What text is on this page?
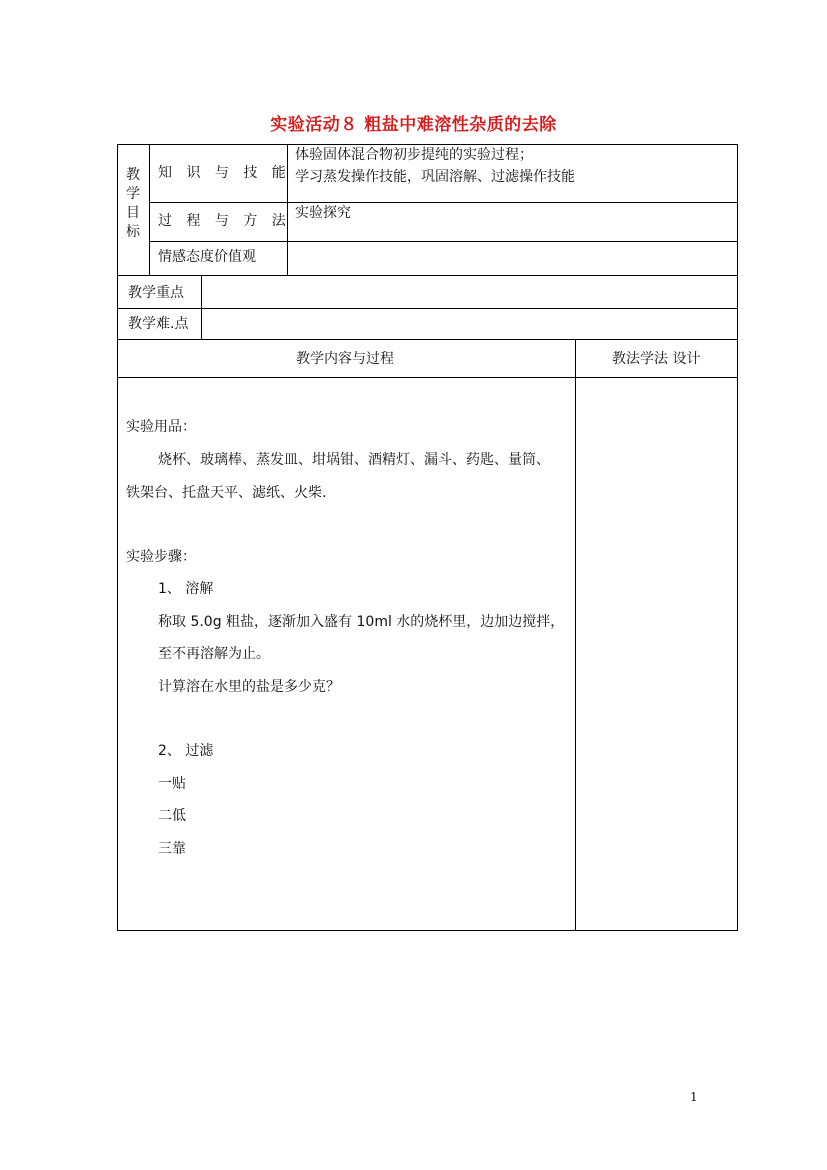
实验活动８ 粗盐中难溶性杂质的去除
教
学
目
标
知 识 与 技 能
体验固体混合物初步提纯的实验过程；
学习蒸发操作技能，巩固溶解、过滤操作技能
过 程 与 方 法 实验探究
情感态度价值观
教学重点
教学难.点
教学内容与过程	教法学法 设计
实验用品：
烧杯、玻璃棒、蒸发皿、坩埚钳、酒精灯、漏斗、药匙、量筒、
铁架台、托盘天平、滤纸、火柴.
实验步骤：
1、 溶解
称取 5.0g 粗盐，逐渐加入盛有 10ml 水的烧杯里，边加边搅拌，
至不再溶解为止。
计算溶在水里的盐是多少克？
2、 过滤
一贴
二低
三靠
1
